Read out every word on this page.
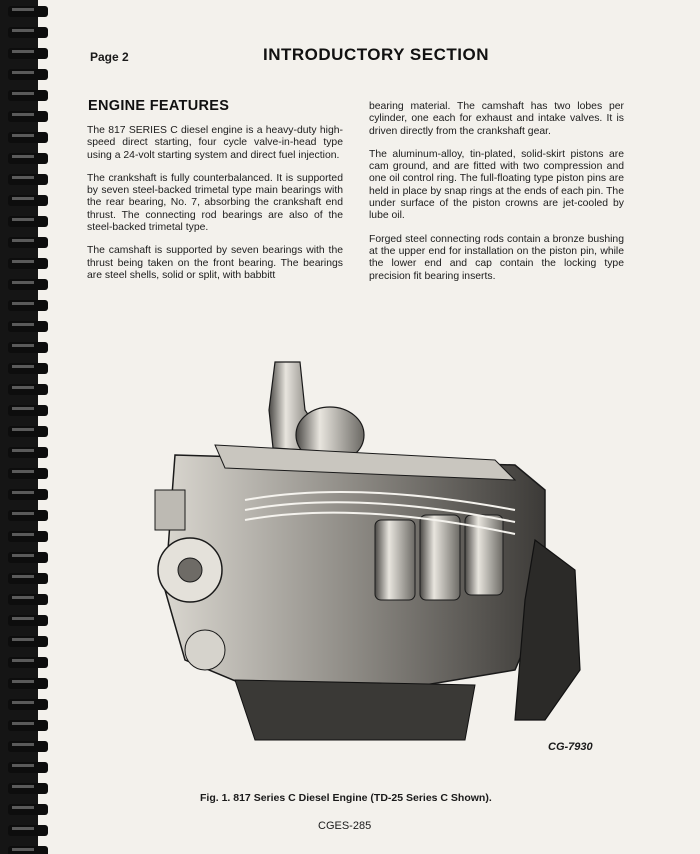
Page 2	INTRODUCTORY SECTION
ENGINE FEATURES

The 817 SERIES C diesel engine is a heavy-duty high-speed direct starting, four cycle valve-in-head type using a 24-volt starting system and direct fuel injection.

The crankshaft is fully counterbalanced. It is supported by seven steel-backed trimetal type main bearings with the rear bearing, No. 7, absorbing the crankshaft end thrust. The connecting rod bearings are also of the steel-backed trimetal type.

The camshaft is supported by seven bearings with the thrust being taken on the front bearing. The bearings are steel shells, solid or split, with babbitt

bearing material. The camshaft has two lobes per cylinder, one each for exhaust and intake valves. It is driven directly from the crankshaft gear.

The aluminum-alloy, tin-plated, solid-skirt pistons are cam ground, and are fitted with two compression and one oil control ring. The full-floating type piston pins are held in place by snap rings at the ends of each pin. The under surface of the piston crowns are jet-cooled by lube oil.

Forged steel connecting rods contain a bronze bushing at the upper end for installation on the piston pin, while the lower end and cap contain the locking type precision fit bearing inserts.

CG-7930
Fig. 1. 817 Series C Diesel Engine (TD-25 Series C Shown).
CGES-285
